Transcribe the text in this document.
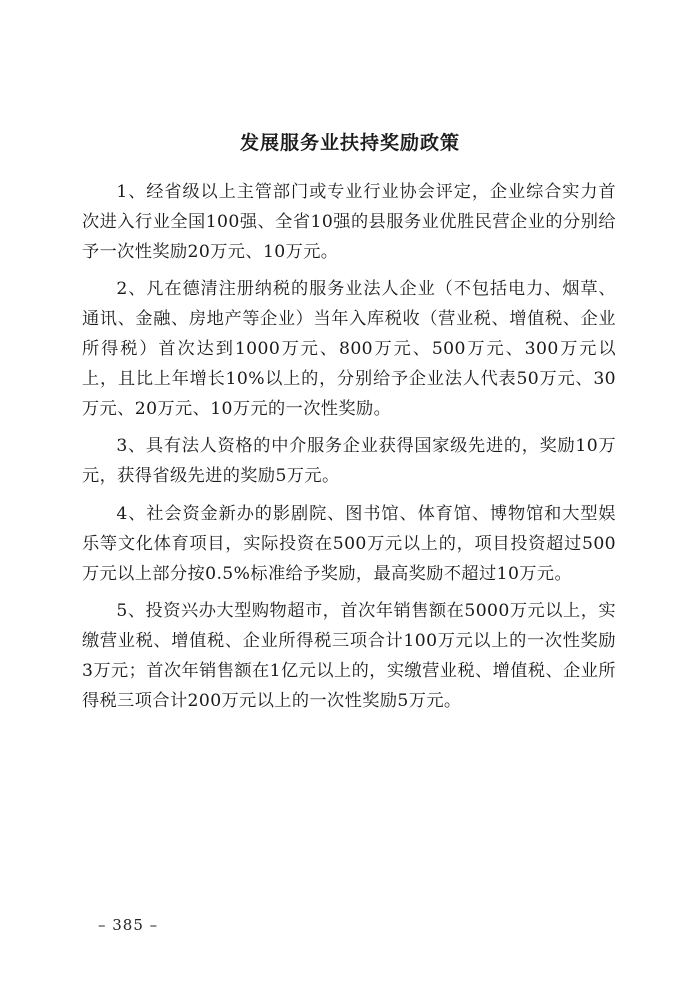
发展服务业扶持奖励政策

1、经省级以上主管部门或专业行业协会评定，企业综合实力首次进入行业全国100强、全省10强的县服务业优胜民营企业的分别给予一次性奖励20万元、10万元。

2、凡在德清注册纳税的服务业法人企业（不包括电力、烟草、通讯、金融、房地产等企业）当年入库税收（营业税、增值税、企业所得税）首次达到1000万元、800万元、500万元、300万元以上，且比上年增长10%以上的，分别给予企业法人代表50万元、30万元、20万元、10万元的一次性奖励。

3、具有法人资格的中介服务企业获得国家级先进的，奖励10万元，获得省级先进的奖励5万元。

4、社会资金新办的影剧院、图书馆、体育馆、博物馆和大型娱乐等文化体育项目，实际投资在500万元以上的，项目投资超过500万元以上部分按0.5%标准给予奖励，最高奖励不超过10万元。

5、投资兴办大型购物超市，首次年销售额在5000万元以上，实缴营业税、增值税、企业所得税三项合计100万元以上的一次性奖励3万元；首次年销售额在1亿元以上的，实缴营业税、增值税、企业所得税三项合计200万元以上的一次性奖励5万元。

– 385 –
